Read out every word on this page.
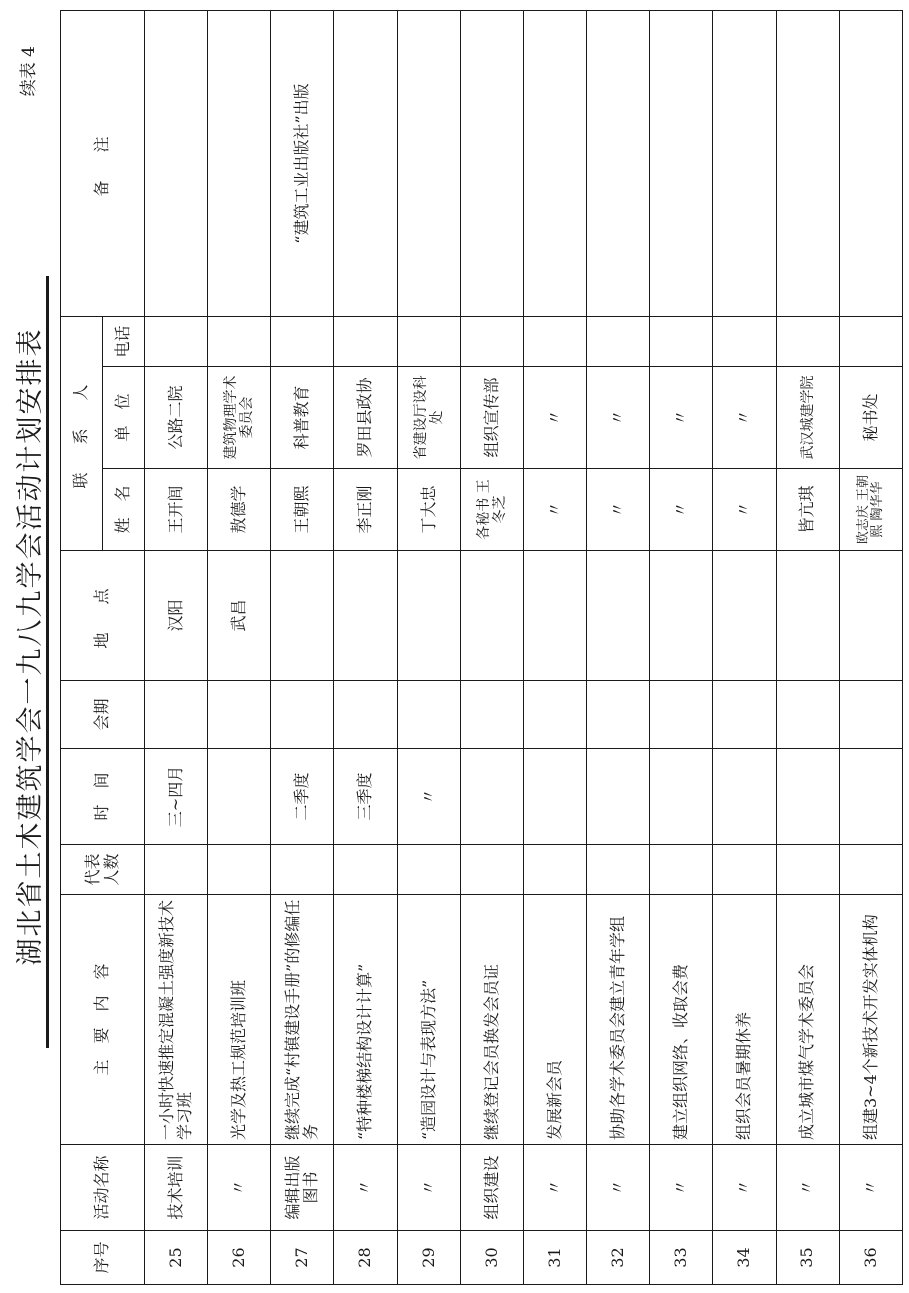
湖北省土木建筑学会一九八九学会活动计划安排表
续表 4
序号	活动名称	主　要　内　容	代表人数	时　间	会期	地　点	联　系　人			备　注
							姓　名	单　位	电话	
25	技术培训	一小时快速推定混凝土强度新技术学习班		三~四月		汉阳	王开闾	公路二院		
26	〃	光学及热工规范培训班				武昌	敖德学	建筑物理学术委员会		
27	编辑出版图书	继续完成“村镇建设手册”的修编任务		二季度			王朝熙	科普教育		“建筑工业出版社”出版
28	〃	“特种楼梯结构设计计算”		三季度			李正刚	罗田县政协		
29	〃	“造园设计与表现方法”		〃			丁大忠	省建设厅设科处		
30	组织建设	继续登记会员换发会员证					各秘书 王冬芝	组织宣传部		
31	〃	发展新会员					〃	〃		
32	〃	协助各学术委员会建立青年学组					〃	〃		
33	〃	建立组织网络、收取会费					〃	〃		
34	〃	组织会员暑期休养					〃	〃		
35	〃	成立城市煤气学术委员会					皆亢琪	武汉城建学院		
36	〃	组建3~4个新技术开发实体机构					欧志庆 王朝熙 陶华华	秘书处		
